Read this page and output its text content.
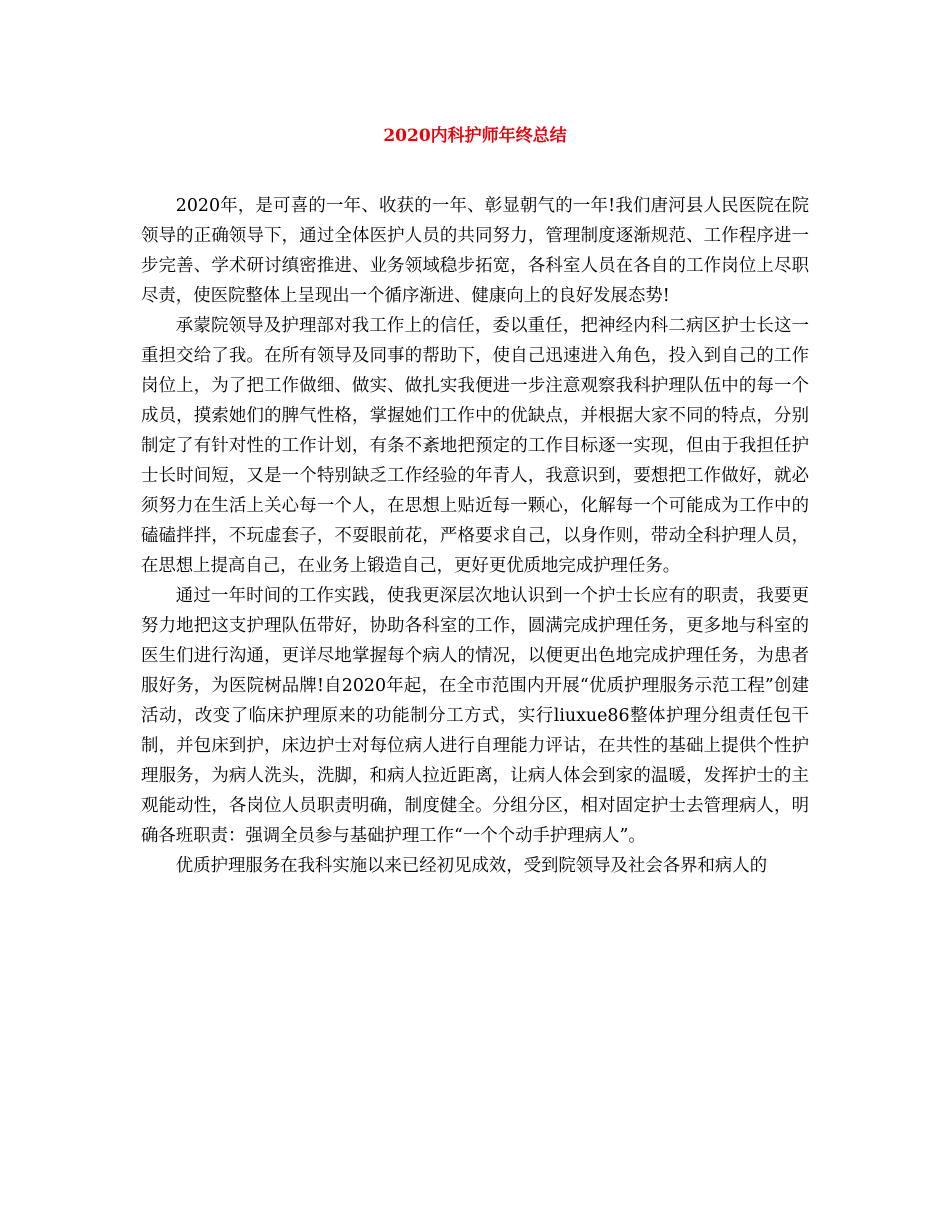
2020内科护师年终总结

2020年，是可喜的一年、收获的一年、彰显朝气的一年!我们唐河县人民医院在院领导的正确领导下，通过全体医护人员的共同努力，管理制度逐渐规范、工作程序进一步完善、学术研讨缜密推进、业务领域稳步拓宽，各科室人员在各自的工作岗位上尽职尽责，使医院整体上呈现出一个循序渐进、健康向上的良好发展态势!

承蒙院领导及护理部对我工作上的信任，委以重任，把神经内科二病区护士长这一重担交给了我。在所有领导及同事的帮助下，使自己迅速进入角色，投入到自己的工作岗位上，为了把工作做细、做实、做扎实我便进一步注意观察我科护理队伍中的每一个成员，摸索她们的脾气性格，掌握她们工作中的优缺点，并根据大家不同的特点，分别制定了有针对性的工作计划，有条不紊地把预定的工作目标逐一实现，但由于我担任护士长时间短，又是一个特别缺乏工作经验的年青人，我意识到，要想把工作做好，就必须努力在生活上关心每一个人，在思想上贴近每一颗心，化解每一个可能成为工作中的磕磕拌拌，不玩虚套子，不耍眼前花，严格要求自己，以身作则，带动全科护理人员，在思想上提高自己，在业务上锻造自己，更好更优质地完成护理任务。

通过一年时间的工作实践，使我更深层次地认识到一个护士长应有的职责，我要更努力地把这支护理队伍带好，协助各科室的工作，圆满完成护理任务，更多地与科室的医生们进行沟通，更详尽地掌握每个病人的情况，以便更出色地完成护理任务，为患者服好务，为医院树品牌!自2020年起，在全市范围内开展“优质护理服务示范工程”创建活动，改变了临床护理原来的功能制分工方式，实行liuxue86整体护理分组责任包干制，并包床到护，床边护士对每位病人进行自理能力评诂，在共性的基础上提供个性护理服务，为病人洗头，洗脚，和病人拉近距离，让病人体会到家的温暖，发挥护士的主观能动性，各岗位人员职责明确，制度健全。分组分区，相对固定护士去管理病人，明确各班职责：强调全员参与基础护理工作“一个个动手护理病人”。

优质护理服务在我科实施以来已经初见成效，受到院领导及社会各界和病人的
